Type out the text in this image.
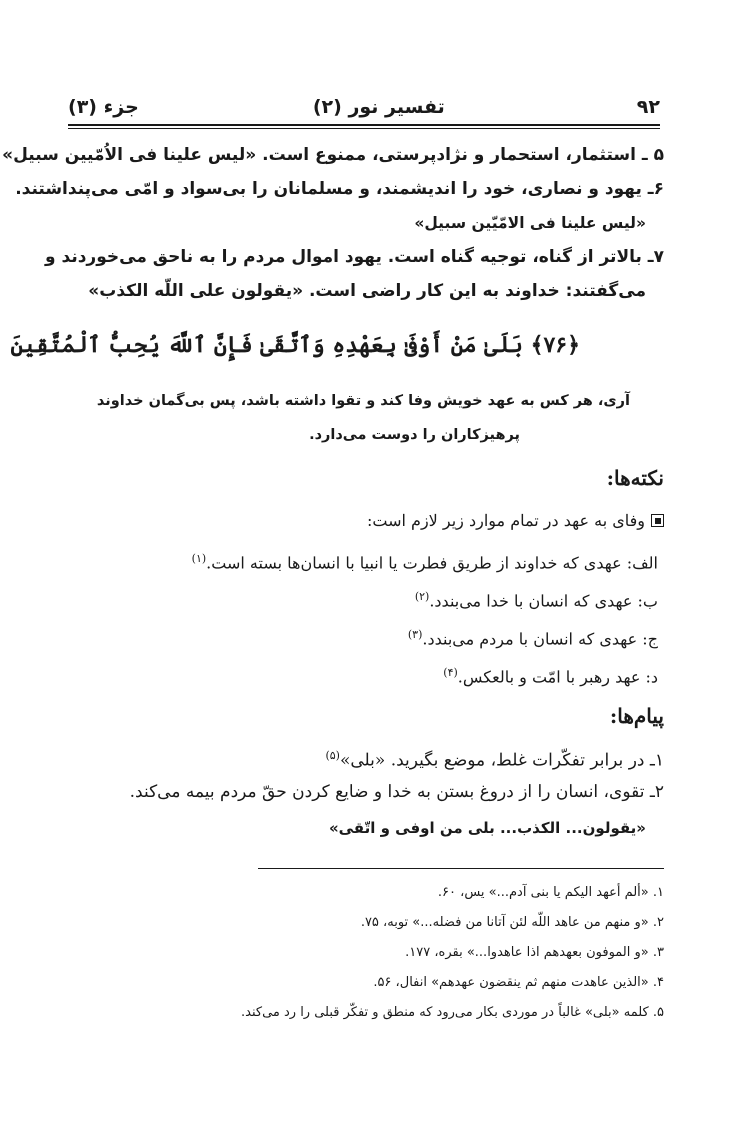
۹۲
تفسیر نور (۲)
جزء (۳)
۵ ـ استثمار، استحمار و نژادپرستی، ممنوع است. «لیس علینا فی الاُمّیین سبیل»
۶ـ یهود و نصاری، خود را اندیشمند، و مسلمانان را بی‌سواد و امّی می‌پنداشتند.
«لیس علینا فی الامّیّین سبیل»
۷ـ بالاتر از گناه، توجیه گناه است. یهود اموال مردم را به ناحق می‌خوردند و
می‌گفتند: خداوند به این کار راضی است. «یقولون علی اللّه الکذب»
﴿۷۶﴾ بَلَىٰ مَنْ أَوْفَىٰ بِعَهْدِهِ وَٱتَّقَىٰ فَإِنَّ ٱللَّهَ يُحِبُّ ٱلْمُتَّقِينَ
آری، هر کس به عهد خویش وفا کند و تقوا داشته باشد، پس بی‌گمان خداوند
پرهیزکاران را دوست می‌دارد.
نکته‌ها:
وفای به عهد در تمام موارد زیر لازم است:
الف: عهدی که خداوند از طریق فطرت یا انبیا با انسان‌ها بسته است.$^{(۱)}$
ب: عهدی که انسان با خدا می‌بندد.$^{(۲)}$
ج: عهدی که انسان با مردم می‌بندد.$^{(۳)}$
د: عهد رهبر با امّت و بالعکس.$^{(۴)}$
پیام‌ها:
۱ـ در برابر تفکّرات غلط، موضع بگیرید. «بلی»$^{(۵)}$
۲ـ تقوی، انسان را از دروغ بستن به خدا و ضایع کردن حقّ مردم بیمه می‌کند.
«یقولون... الکذب... بلی من اوفی و اتّقی»
۱. «ألم أعهد الیکم یا بنی آدم...» یس، ۶۰.
۲. «و منهم من عاهد اللّه لئن آتانا من فضله...» توبه، ۷۵.
۳. «و الموفون بعهدهم اذا عاهدوا...» بقره، ۱۷۷.
۴. «الذین عاهدت منهم ثم ینقضون عهدهم» انفال، ۵۶.
۵. کلمه «بلی» غالباً در موردی بکار می‌رود که منطق و تفکّر قبلی را رد می‌کند.
